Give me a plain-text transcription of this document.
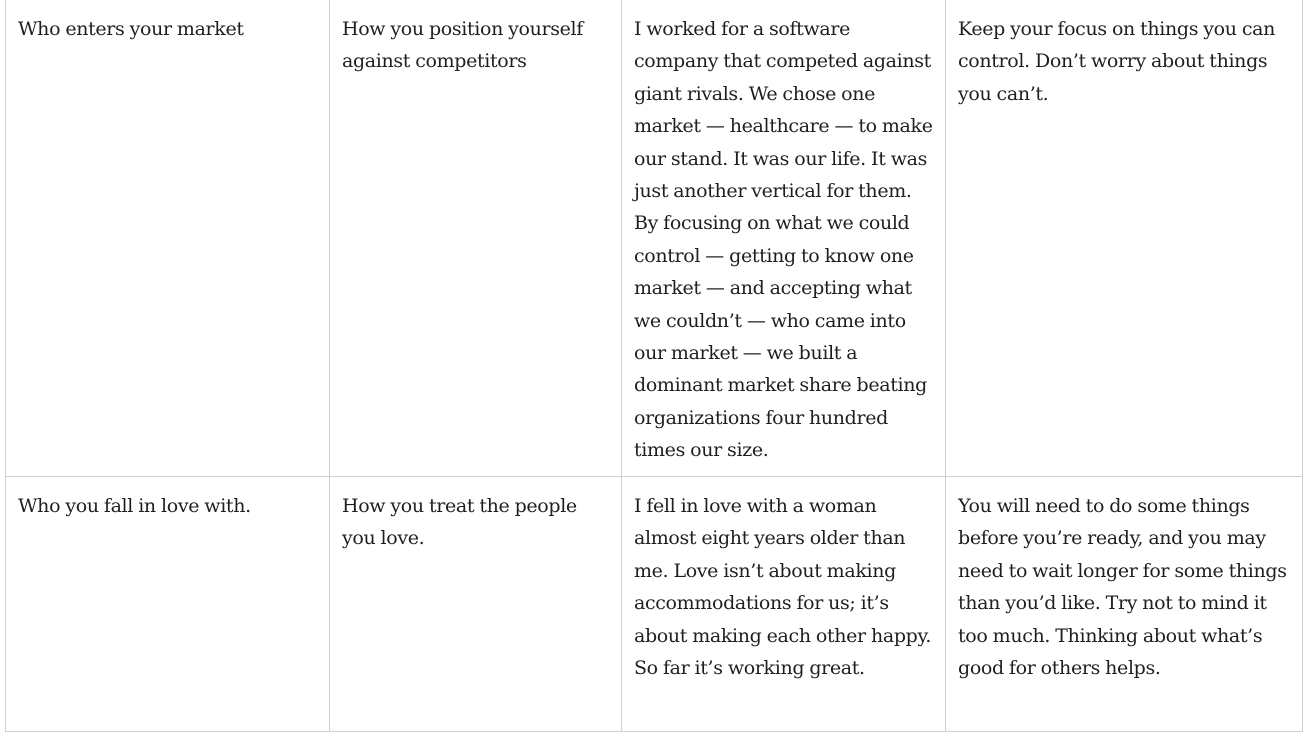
Who enters your market	How you position yourself against competitors	I worked for a software company that competed against giant rivals. We chose one market — healthcare — to make our stand. It was our life. It was just another vertical for them. By focusing on what we could control — getting to know one market — and accepting what we couldn’t — who came into our market — we built a dominant market share beating organizations four hundred times our size.	Keep your focus on things you can control. Don’t worry about things you can’t.

Who you fall in love with.	How you treat the people you love.	I fell in love with a woman almost eight years older than me. Love isn’t about making accommodations for us; it’s about making each other happy. So far it’s working great.	You will need to do some things before you’re ready, and you may need to wait longer for some things than you’d like. Try not to mind it too much. Thinking about what’s good for others helps.
